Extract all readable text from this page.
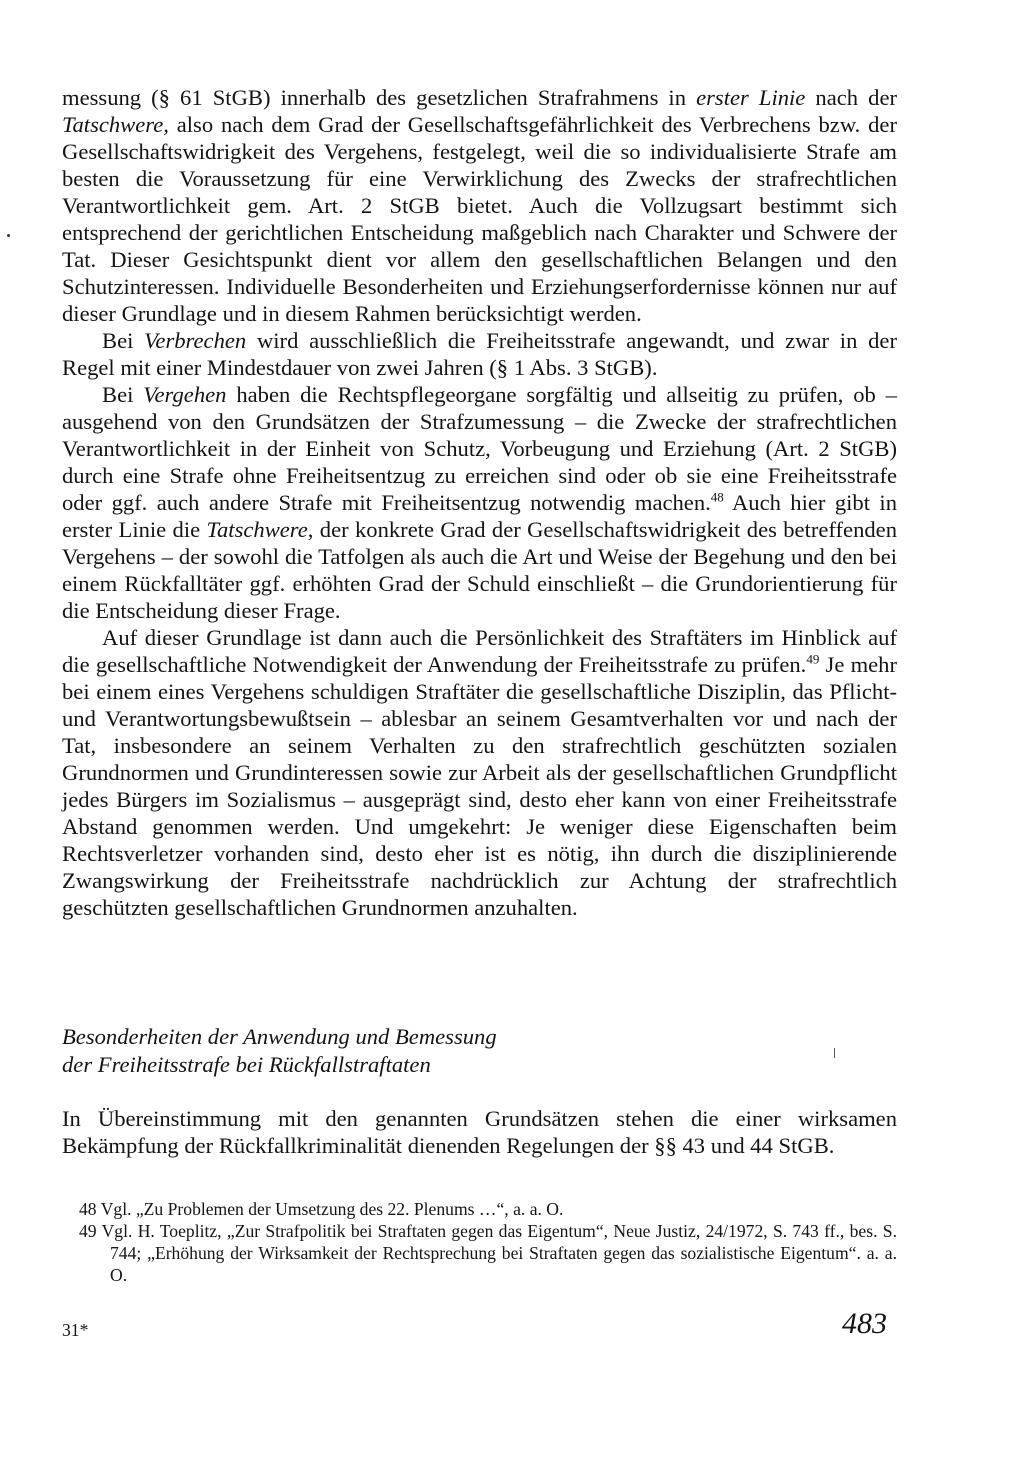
messung (§ 61 StGB) innerhalb des gesetzlichen Strafrahmens in erster Linie nach der Tatschwere, also nach dem Grad der Gesellschaftsgefährlichkeit des Verbrechens bzw. der Gesellschaftswidrigkeit des Vergehens, festgelegt, weil die so individualisierte Strafe am besten die Voraussetzung für eine Verwirklichung des Zwecks der strafrechtlichen Verantwortlichkeit gem. Art. 2 StGB bietet. Auch die Vollzugsart bestimmt sich entsprechend der gerichtlichen Entscheidung maßgeblich nach Charakter und Schwere der Tat. Dieser Gesichtspunkt dient vor allem den gesellschaftlichen Belangen und den Schutzinteressen. Individuelle Besonderheiten und Erziehungserfordernisse können nur auf dieser Grundlage und in diesem Rahmen berücksichtigt werden.

Bei Verbrechen wird ausschließlich die Freiheitsstrafe angewandt, und zwar in der Regel mit einer Mindestdauer von zwei Jahren (§ 1 Abs. 3 StGB).

Bei Vergehen haben die Rechtspflegeorgane sorgfältig und allseitig zu prüfen, ob – ausgehend von den Grundsätzen der Strafzumessung – die Zwecke der strafrechtlichen Verantwortlichkeit in der Einheit von Schutz, Vorbeugung und Erziehung (Art. 2 StGB) durch eine Strafe ohne Freiheitsentzug zu erreichen sind oder ob sie eine Freiheitsstrafe oder ggf. auch andere Strafe mit Freiheitsentzug notwendig machen.$^{48}$ Auch hier gibt in erster Linie die Tatschwere, der konkrete Grad der Gesellschaftswidrigkeit des betreffenden Vergehens – der sowohl die Tatfolgen als auch die Art und Weise der Begehung und den bei einem Rückfalltäter ggf. erhöhten Grad der Schuld einschließt – die Grundorientierung für die Entscheidung dieser Frage.

Auf dieser Grundlage ist dann auch die Persönlichkeit des Straftäters im Hinblick auf die gesellschaftliche Notwendigkeit der Anwendung der Freiheitsstrafe zu prüfen.$^{49}$ Je mehr bei einem eines Vergehens schuldigen Straftäter die gesellschaftliche Disziplin, das Pflicht- und Verantwortungsbewußtsein – ablesbar an seinem Gesamtverhalten vor und nach der Tat, insbesondere an seinem Verhalten zu den strafrechtlich geschützten sozialen Grundnormen und Grundinteressen sowie zur Arbeit als der gesellschaftlichen Grundpflicht jedes Bürgers im Sozialismus – ausgeprägt sind, desto eher kann von einer Freiheitsstrafe Abstand genommen werden. Und umgekehrt: Je weniger diese Eigenschaften beim Rechtsverletzer vorhanden sind, desto eher ist es nötig, ihn durch die disziplinierende Zwangswirkung der Freiheitsstrafe nachdrücklich zur Achtung der strafrechtlich geschützten gesellschaftlichen Grundnormen anzuhalten.

Besonderheiten der Anwendung und Bemessung
der Freiheitsstrafe bei Rückfallstraftaten

In Übereinstimmung mit den genannten Grundsätzen stehen die einer wirksamen Bekämpfung der Rückfallkriminalität dienenden Regelungen der §§ 43 und 44 StGB.

48 Vgl. „Zu Problemen der Umsetzung des 22. Plenums …“, a. a. O.

49 Vgl. H. Toeplitz, „Zur Strafpolitik bei Straftaten gegen das Eigentum“, Neue Justiz, 24/1972, S. 743 ff., bes. S. 744; „Erhöhung der Wirksamkeit der Rechtsprechung bei Straftaten gegen das sozialistische Eigentum“. a. a. O.

31*	483
